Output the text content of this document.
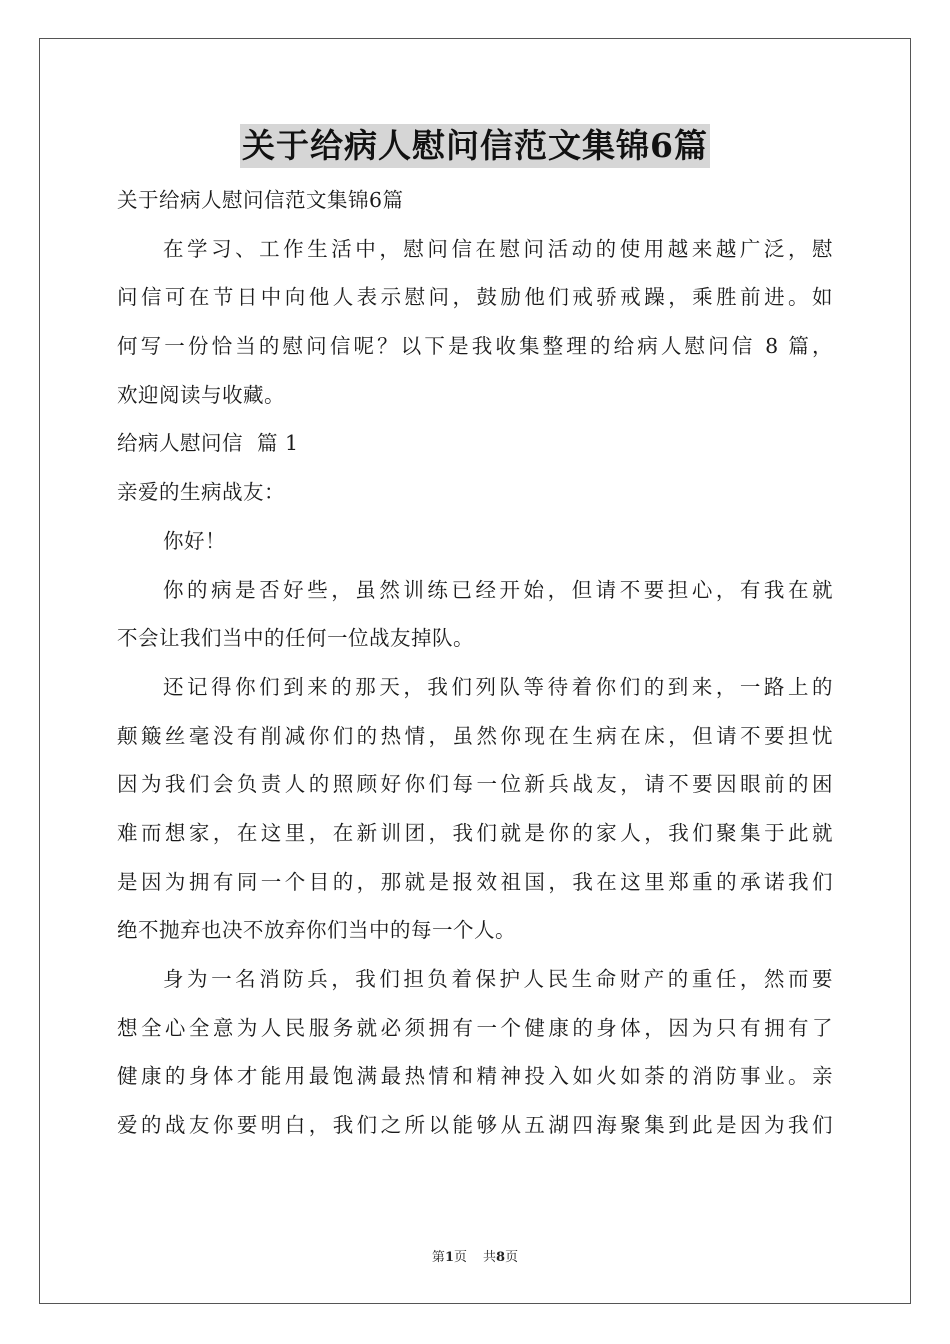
关于给病人慰问信范文集锦6篇
关于给病人慰问信范文集锦6篇
在学习、工作生活中，慰问信在慰问活动的使用越来越广泛，慰
问信可在节日中向他人表示慰问，鼓励他们戒骄戒躁，乘胜前进。如
何写一份恰当的慰问信呢？以下是我收集整理的给病人慰问信 8 篇，
欢迎阅读与收藏。
给病人慰问信  篇 1
亲爱的生病战友：
你好！
你的病是否好些，虽然训练已经开始，但请不要担心，有我在就
不会让我们当中的任何一位战友掉队。
还记得你们到来的那天，我们列队等待着你们的到来，一路上的
颠簸丝毫没有削减你们的热情，虽然你现在生病在床，但请不要担忧
因为我们会负责人的照顾好你们每一位新兵战友，请不要因眼前的困
难而想家，在这里，在新训团，我们就是你的家人，我们聚集于此就
是因为拥有同一个目的，那就是报效祖国，我在这里郑重的承诺我们
绝不抛弃也决不放弃你们当中的每一个人。
身为一名消防兵，我们担负着保护人民生命财产的重任，然而要
想全心全意为人民服务就必须拥有一个健康的身体，因为只有拥有了
健康的身体才能用最饱满最热情和精神投入如火如荼的消防事业。亲
爱的战友你要明白，我们之所以能够从五湖四海聚集到此是因为我们
第1页 共8页
